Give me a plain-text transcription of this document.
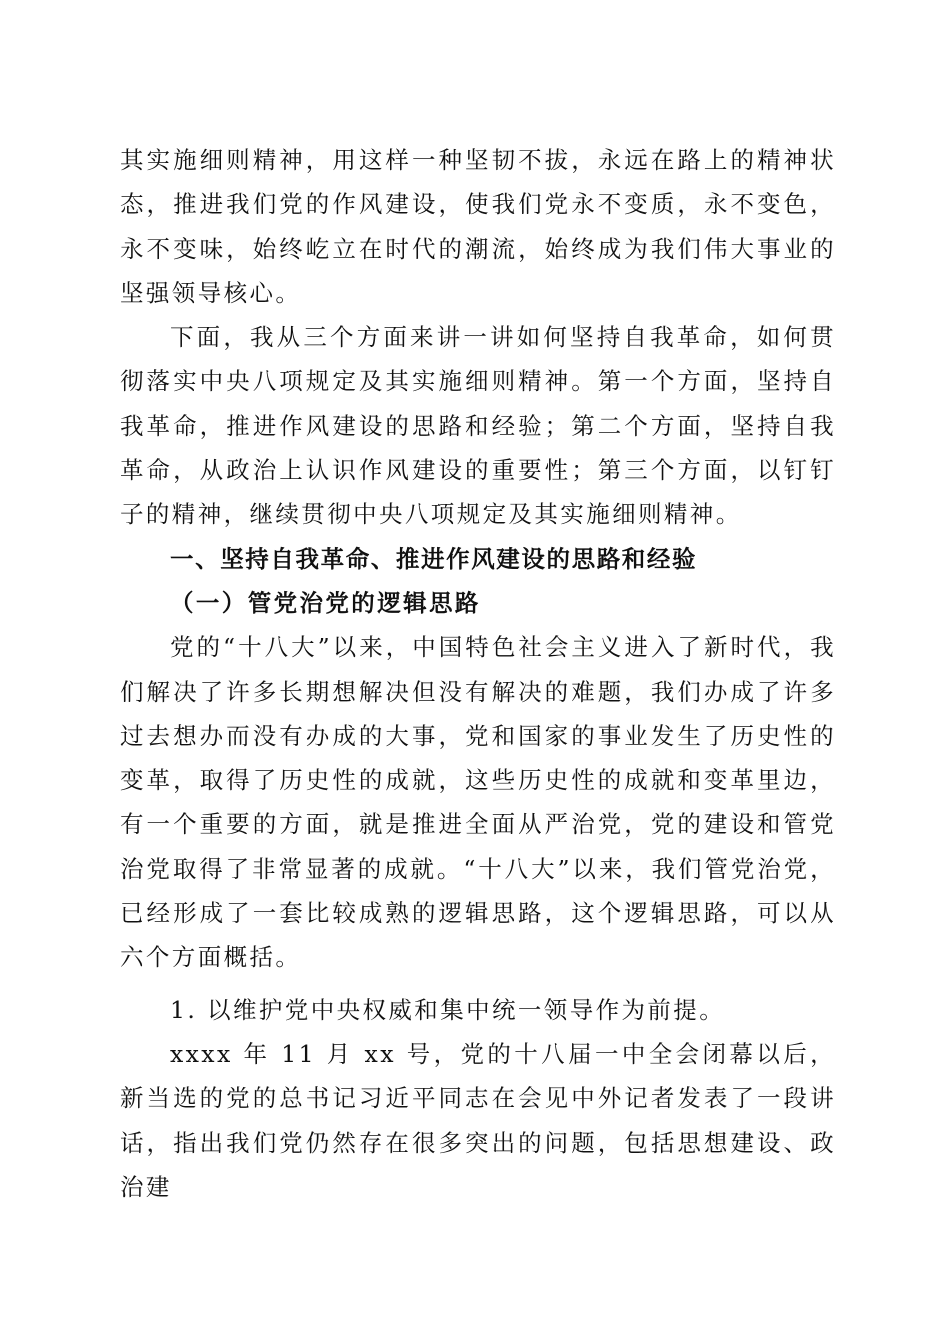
其实施细则精神，用这样一种坚韧不拔，永远在路上的精神状态，推进我们党的作风建设，使我们党永不变质，永不变色，永不变味，始终屹立在时代的潮流，始终成为我们伟大事业的坚强领导核心。

下面，我从三个方面来讲一讲如何坚持自我革命，如何贯彻落实中央八项规定及其实施细则精神。第一个方面，坚持自我革命，推进作风建设的思路和经验；第二个方面，坚持自我革命，从政治上认识作风建设的重要性；第三个方面，以钉钉子的精神，继续贯彻中央八项规定及其实施细则精神。

一、坚持自我革命、推进作风建设的思路和经验

（一）管党治党的逻辑思路

党的“十八大”以来，中国特色社会主义进入了新时代，我们解决了许多长期想解决但没有解决的难题，我们办成了许多过去想办而没有办成的大事，党和国家的事业发生了历史性的变革，取得了历史性的成就，这些历史性的成就和变革里边，有一个重要的方面，就是推进全面从严治党，党的建设和管党治党取得了非常显著的成就。“十八大”以来，我们管党治党，已经形成了一套比较成熟的逻辑思路，这个逻辑思路，可以从六个方面概括。

1. 以维护党中央权威和集中统一领导作为前提。

xxxx 年 11 月 xx 号，党的十八届一中全会闭幕以后，新当选的党的总书记习近平同志在会见中外记者发表了一段讲话，指出我们党仍然存在很多突出的问题，包括思想建设、政治建
